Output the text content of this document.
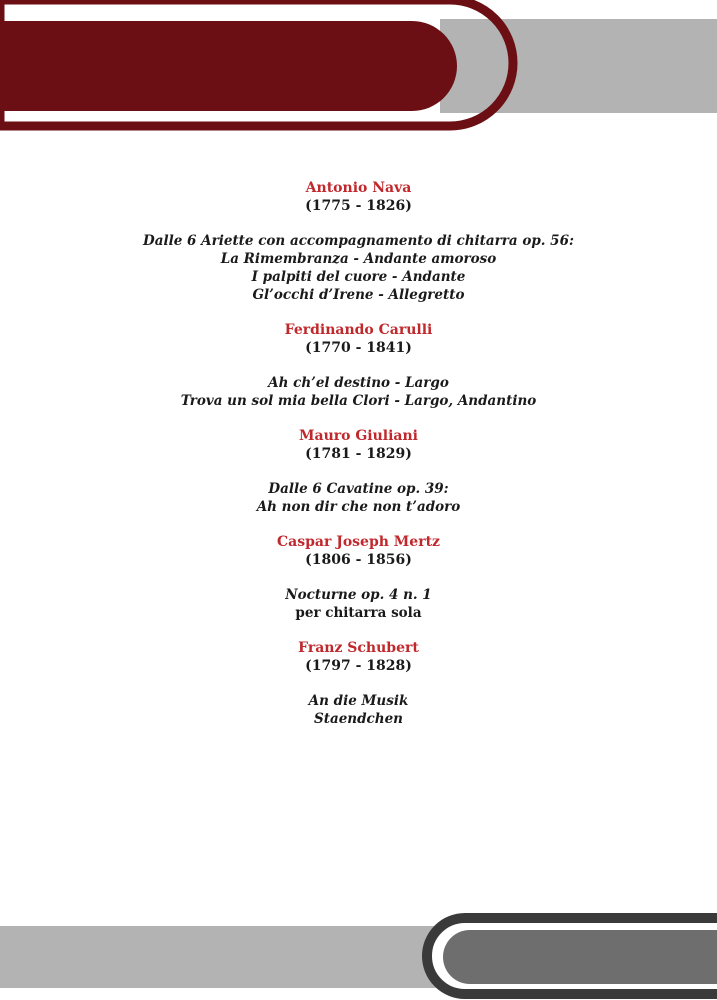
Antonio Nava
(1775 - 1826)
Dalle 6 Ariette con accompagnamento di chitarra op. 56:
La Rimembranza - Andante amoroso
I palpiti del cuore - Andante
Gl’occhi d’Irene - Allegretto
Ferdinando Carulli
(1770 - 1841)
Ah ch’el destino - Largo
Trova un sol mia bella Clori - Largo, Andantino
Mauro Giuliani
(1781 - 1829)
Dalle 6 Cavatine op. 39:
Ah non dir che non t’adoro
Caspar Joseph Mertz
(1806 - 1856)
Nocturne op. 4 n. 1
per chitarra sola
Franz Schubert
(1797 - 1828)
An die Musik
Staendchen
